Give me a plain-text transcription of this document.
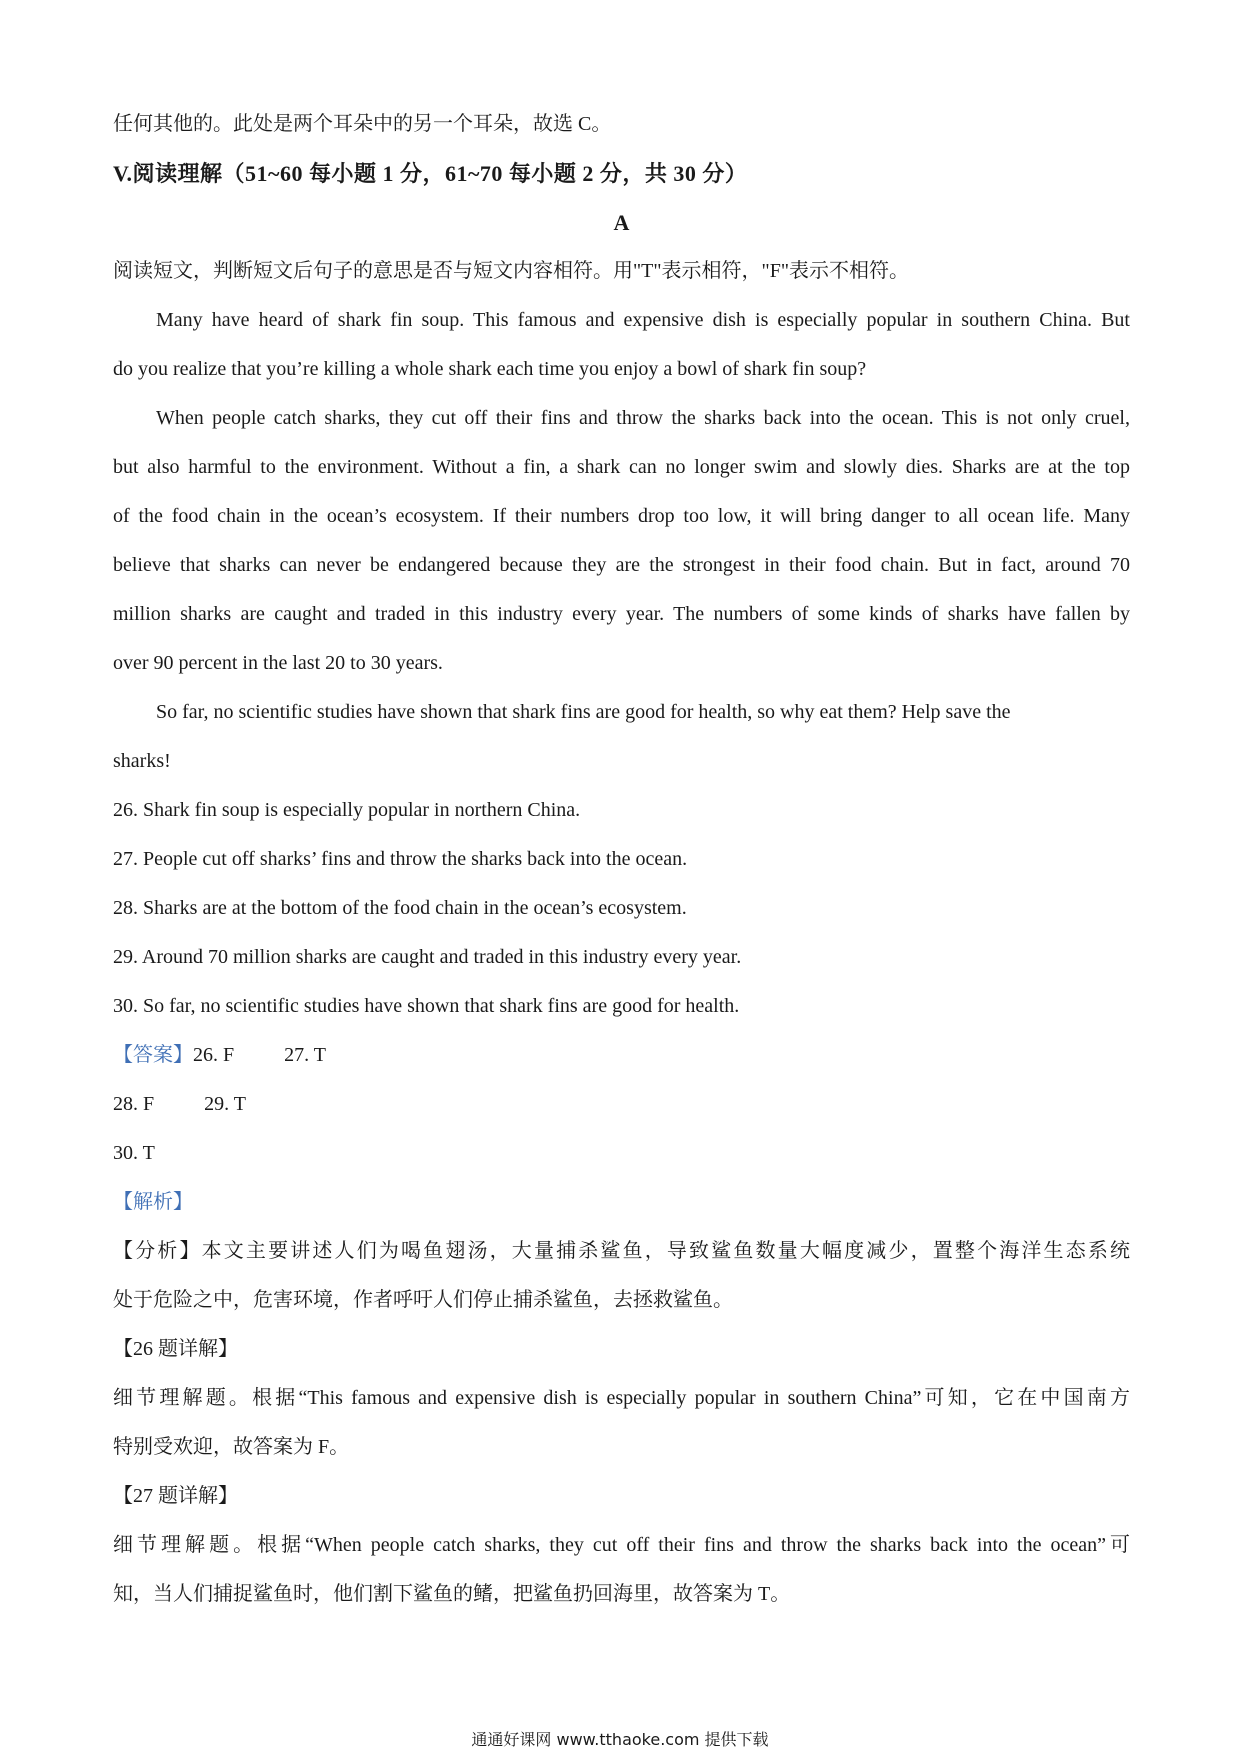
任何其他的。此处是两个耳朵中的另一个耳朵，故选 C。
V.阅读理解（51~60 每小题 1 分，61~70 每小题 2 分，共 30 分）
A
阅读短文，判断短文后句子的意思是否与短文内容相符。用"T"表示相符，"F"表示不相符。
Many have heard of shark fin soup. This famous and expensive dish is especially popular in southern China. But
do you realize that you’re killing a whole shark each time you enjoy a bowl of shark fin soup?
When people catch sharks, they cut off their fins and throw the sharks back into the ocean. This is not only cruel,
but also harmful to the environment. Without a fin, a shark can no longer swim and slowly dies. Sharks are at the top
of the food chain in the ocean’s ecosystem. If their numbers drop too low, it will bring danger to all ocean life. Many
believe that sharks can never be endangered because they are the strongest in their food chain. But in fact, around 70
million sharks are caught and traded in this industry every year. The numbers of some kinds of sharks have fallen by
over 90 percent in the last 20 to 30 years.
So far, no scientific studies have shown that shark fins are good for health, so why eat them? Help save the
sharks!
26. Shark fin soup is especially popular in northern China.
27. People cut off sharks’ fins and throw the sharks back into the ocean.
28. Sharks are at the bottom of the food chain in the ocean’s ecosystem.
29. Around 70 million sharks are caught and traded in this industry every year.
30. So far, no scientific studies have shown that shark fins are good for health.
【答案】26. F	27. T
28. F	29. T
30. T
【解析】
【分析】本文主要讲述人们为喝鱼翅汤，大量捕杀鲨鱼，导致鲨鱼数量大幅度减少，置整个海洋生态系统
处于危险之中，危害环境，作者呼吁人们停止捕杀鲨鱼，去拯救鲨鱼。
【26 题详解】
细节理解题。根据“This famous and expensive dish is especially popular in southern China”可知，它在中国南方
特别受欢迎，故答案为 F。
【27 题详解】
细节理解题。根据“When people catch sharks, they cut off their fins and throw the sharks back into the ocean”可
知，当人们捕捉鲨鱼时，他们割下鲨鱼的鳍，把鲨鱼扔回海里，故答案为 T。
通通好课网 www.tthaoke.com 提供下载
